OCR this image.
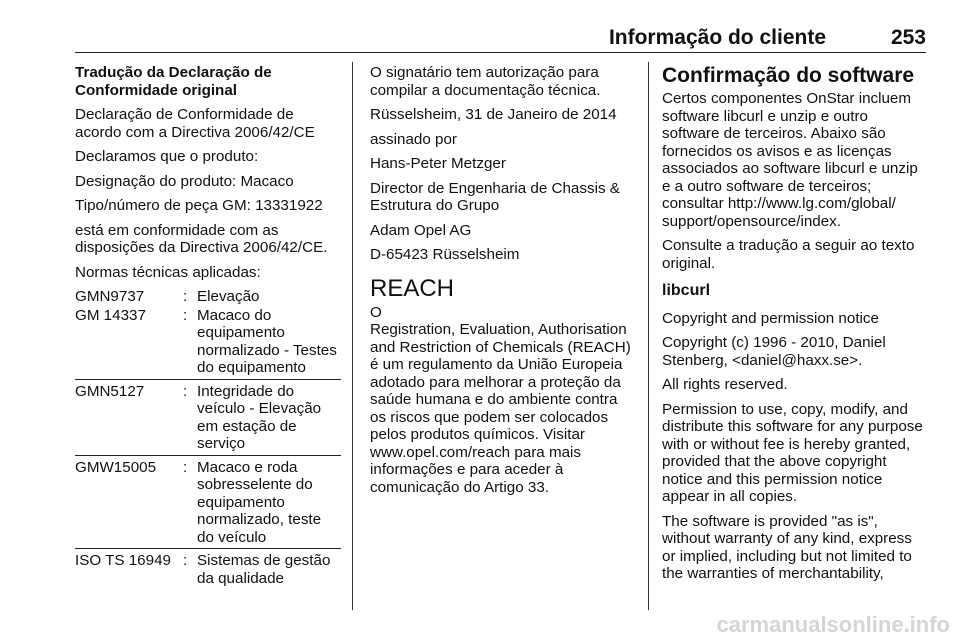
Informação do cliente	253

Tradução da Declaração de Conformidade original

Declaração de Conformidade de acordo com a Directiva 2006/42/CE

Declaramos que o produto:

Designação do produto: Macaco

Tipo/número de peça GM: 13331922

está em conformidade com as disposições da Directiva 2006/42/CE.

Normas técnicas aplicadas:

GMN9737	: Elevação
GM 14337	: Macaco do equipamento normalizado - Testes do equipamento
GMN5127	: Integridade do veículo - Elevação em estação de serviço
GMW15005	: Macaco e roda sobresselente do equipamento normalizado, teste do veículo
ISO TS 16949 : Sistemas de gestão da qualidade

O signatário tem autorização para compilar a documentação técnica.

Rüsselsheim, 31 de Janeiro de 2014

assinado por

Hans-Peter Metzger

Director de Engenharia de Chassis & Estrutura do Grupo

Adam Opel AG

D-65423 Rüsselsheim

REACH
O

Registration, Evaluation, Authorisation and Restriction of Chemicals (REACH) é um regulamento da União Europeia adotado para melhorar a proteção da saúde humana e do ambiente contra os riscos que podem ser colocados pelos produtos químicos. Visitar www.opel.com/reach para mais informações e para aceder à comunicação do Artigo 33.

Confirmação do software

Certos componentes OnStar incluem software libcurl e unzip e outro software de terceiros. Abaixo são fornecidos os avisos e as licenças associados ao software libcurl e unzip e a outro software de terceiros; consultar http://www.lg.com/global/ support/opensource/index.

Consulte a tradução a seguir ao texto original.

libcurl

Copyright and permission notice

Copyright (c) 1996 - 2010, Daniel Stenberg, <daniel@haxx.se>.

All rights reserved.

Permission to use, copy, modify, and distribute this software for any purpose with or without fee is hereby granted, provided that the above copyright notice and this permission notice appear in all copies.

The software is provided "as is", without warranty of any kind, express or implied, including but not limited to the warranties of merchantability,

carmanualsonline.info
